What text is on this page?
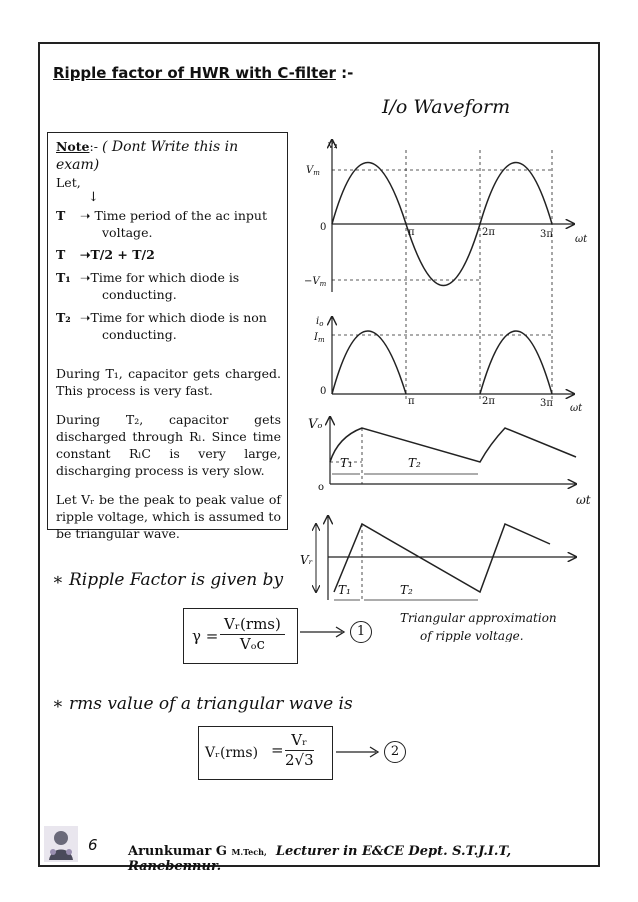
Ripple factor of HWR with C-filter :-
I/o Waveform

Note:- ( Dont Write this in exam)

Let,

↓
T	➝ Time period of the ac input
voltage.
T	➝T/2 + T/2
T₁ ➝Time for which diode is
conducting.
T₂ ➝Time for which diode is non
conducting.

During T₁, capacitor gets charged. This process is very fast.

During T₂, capacitor gets discharged through Rₗ. Since time constant RₗC is very large, discharging process is very slow.

Let Vᵣ be the peak to peak value of ripple voltage, which is assumed to be triangular wave.

v₂
$V_m$
0
$-V_m$
π	2π	3π ωt
$i_o$
$I_m$
0
π	2π	3π ωt
Vₒ
o
T₁	T₂
ωt
Vᵣ
T₁	T₂
Triangular approximation
of ripple voltage.
∗ Ripple Factor is given by
γ =
Vᵣ(rms)
Vₒc
1
∗ rms value of a triangular wave is
Vᵣ(rms) = $\frac{\text{Vᵣ}}{2√3}$	2
6 Arunkumar G M.Tech, Lecturer in E&CE Dept. S.T.J.I.T, Ranebennur.
